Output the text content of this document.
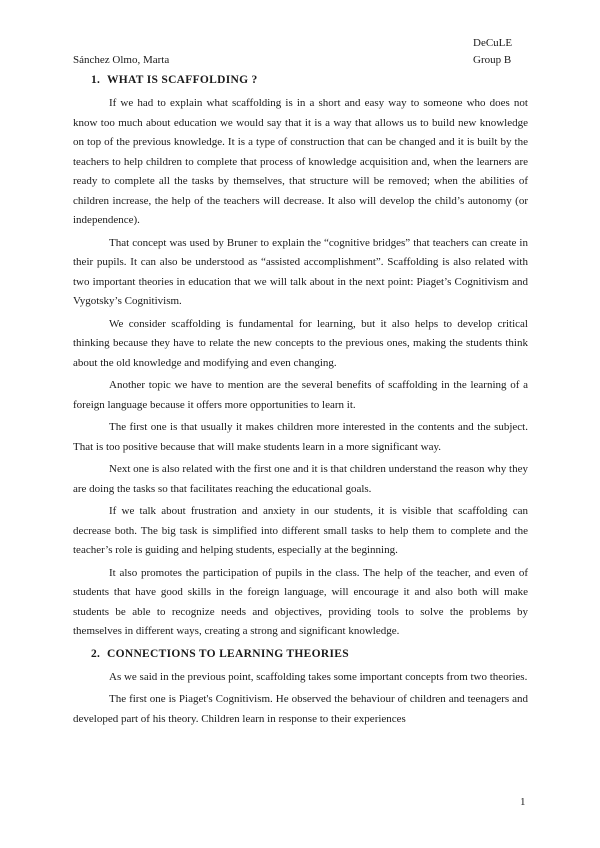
DeCuLE
Sánchez Olmo, Marta	Group B
1. WHAT IS SCAFFOLDING ?

If we had to explain what scaffolding is in a short and easy way to someone who does not know too much about education we would say that it is a way that allows us to build new knowledge on top of the previous knowledge. It is a type of construction that can be changed and it is built by the teachers to help children to complete that process of knowledge acquisition and, when the learners are ready to complete all the tasks by themselves, that structure will be removed; when the abilities of children increase, the help of the teachers will decrease. It also will develop the child’s autonomy (or independence).

That concept was used by Bruner to explain the “cognitive bridges” that teachers can create in their pupils. It can also be understood as “assisted accomplishment”. Scaffolding is also related with two important theories in education that we will talk about in the next point: Piaget’s Cognitivism and Vygotsky’s Cognitivism.

We consider scaffolding is fundamental for learning, but it also helps to develop critical thinking because they have to relate the new concepts to the previous ones, making the students think about the old knowledge and modifying and even changing.

Another topic we have to mention are the several benefits of scaffolding in the learning of a foreign language because it offers more opportunities to learn it.

The first one is that usually it makes children more interested in the contents and the subject. That is too positive because that will make students learn in a more significant way.

Next one is also related with the first one and it is that children understand the reason why they are doing the tasks so that facilitates reaching the educational goals.

If we talk about frustration and anxiety in our students, it is visible that scaffolding can decrease both. The big task is simplified into different small tasks to help them to complete and the teacher’s role is guiding and helping students, especially at the beginning.

It also promotes the participation of pupils in the class. The help of the teacher, and even of students that have good skills in the foreign language, will encourage it and also both will make students be able to recognize needs and objectives, providing tools to solve the problems by themselves in different ways, creating a strong and significant knowledge.

2. CONNECTIONS TO LEARNING THEORIES

As we said in the previous point, scaffolding takes some important concepts from two theories.

The first one is Piaget's Cognitivism. He observed the behaviour of children and teenagers and developed part of his theory. Children learn in response to their experiences

1
